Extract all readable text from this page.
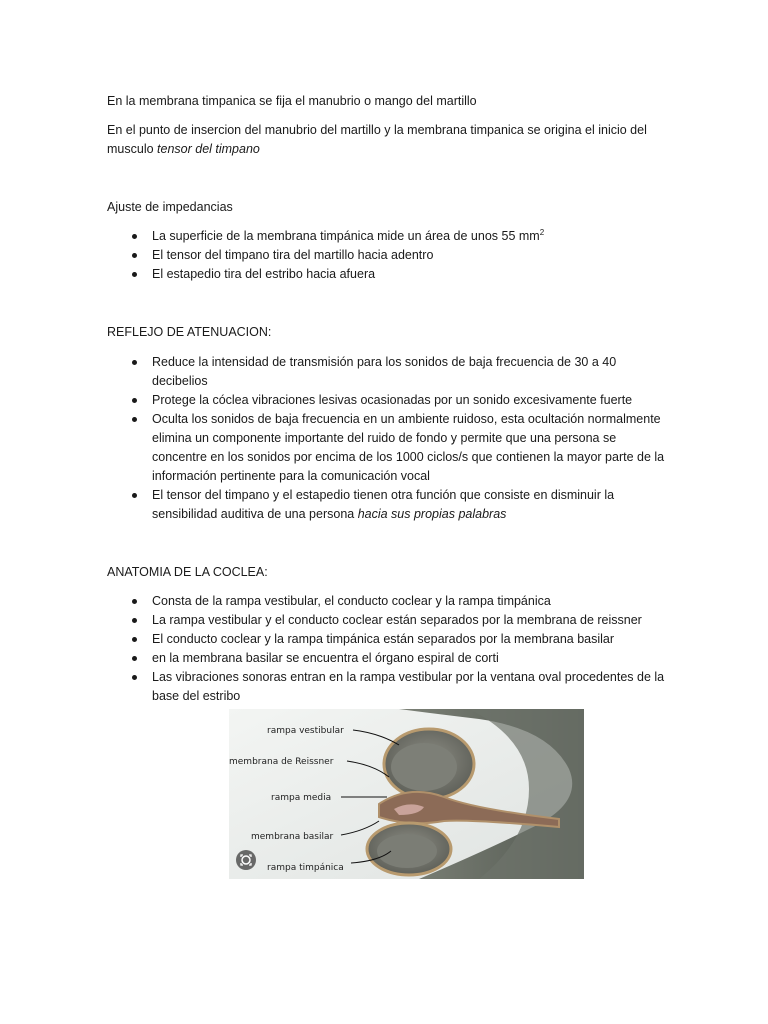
En la membrana timpanica se fija el manubrio o mango del martillo

En el punto de insercion del manubrio del martillo y la membrana timpanica se origina el inicio del musculo tensor del timpano

Ajuste de impedancias

La superficie de la membrana timpánica mide un área de unos 55 $mm^2$
El tensor del timpano tira del martillo hacia adentro
El estapedio tira del estribo hacia afuera

REFLEJO DE ATENUACION:

Reduce la intensidad de transmisión para los sonidos de baja frecuencia de 30 a 40 decibelios
Protege la cóclea vibraciones lesivas ocasionadas por un sonido excesivamente fuerte
Oculta los sonidos de baja frecuencia en un ambiente ruidoso, esta ocultación normalmente elimina un componente importante del ruido de fondo y permite que una persona se concentre en los sonidos por encima de los 1000 ciclos/s que contienen la mayor parte de la información pertinente para la comunicación vocal
El tensor del timpano y el estapedio tienen otra función que consiste en disminuir la sensibilidad auditiva de una persona hacia sus propias palabras

ANATOMIA DE LA COCLEA:

Consta de la rampa vestibular, el conducto coclear y la rampa timpánica
La rampa vestibular y el conducto coclear están separados por la membrana de reissner
El conducto coclear y la rampa timpánica están separados por la membrana basilar
en la membrana basilar se encuentra el órgano espiral de corti
Las vibraciones sonoras entran en la rampa vestibular por la ventana oval procedentes de la base del estribo
rampa vestibular
membrana de Reissner
rampa media
membrana basilar
rampa timpánica
